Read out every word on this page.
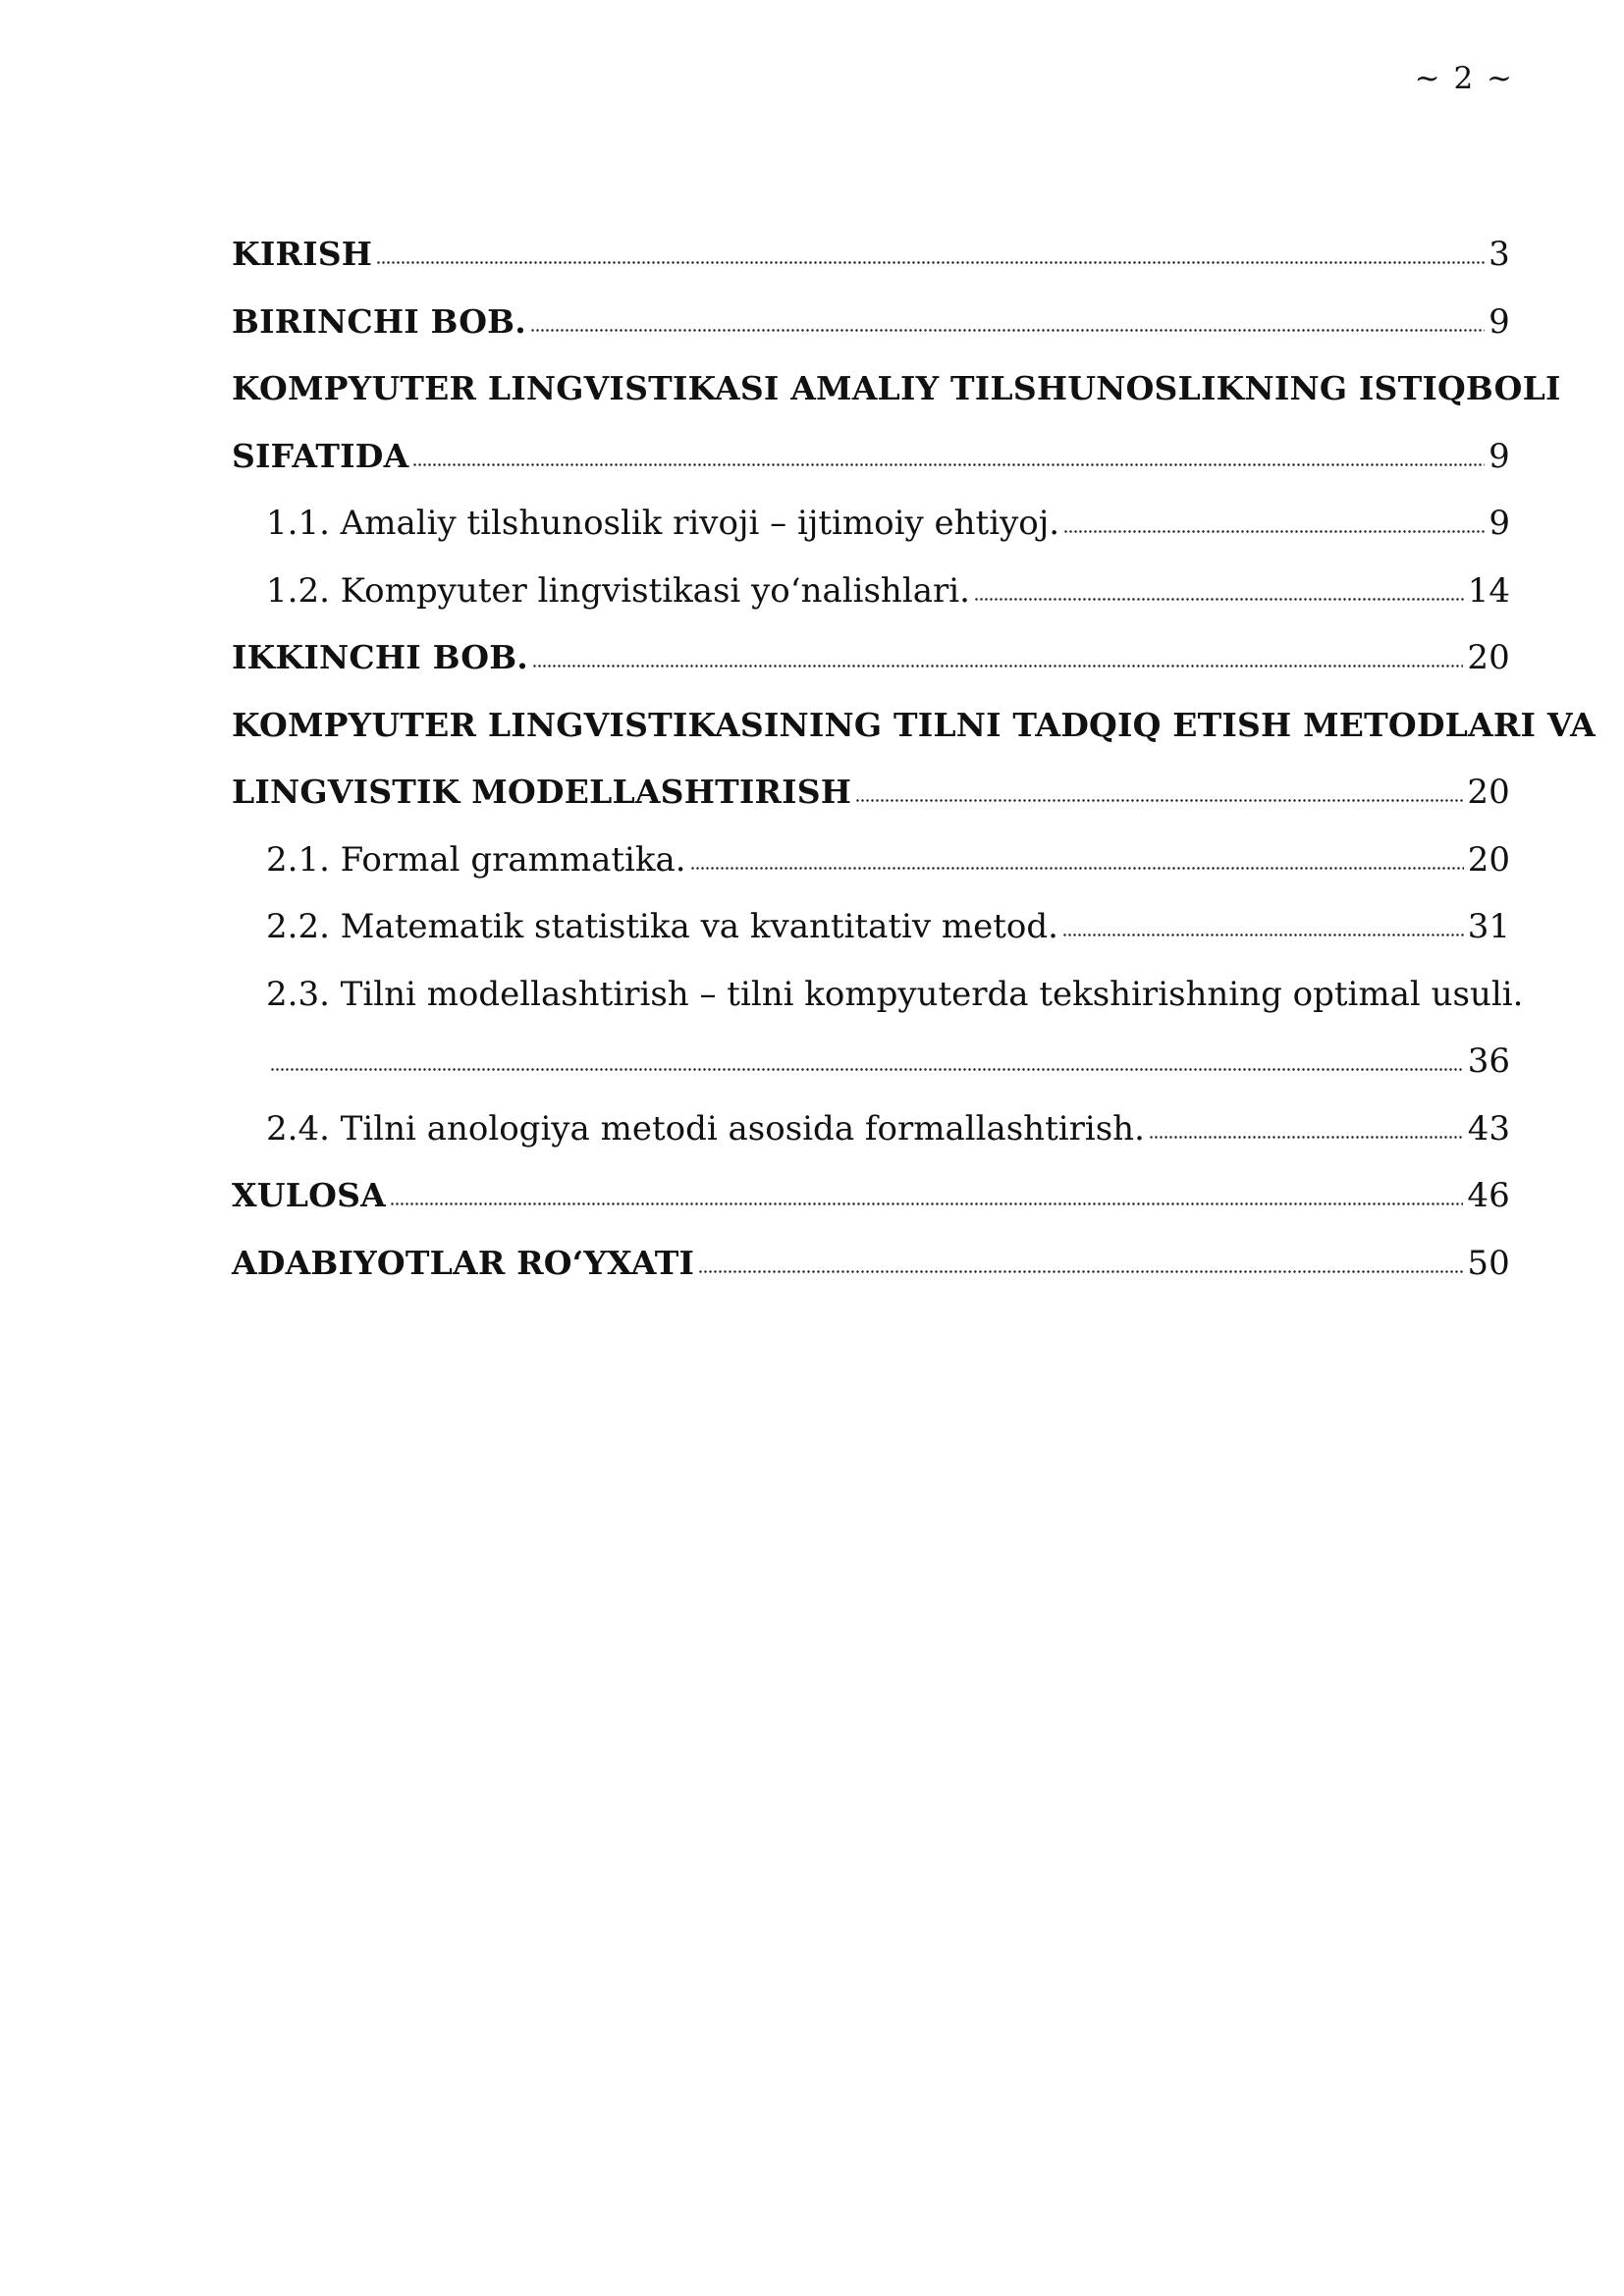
~ 2 ~
KIRISH	3
BIRINCHI BOB.	9
KOMPYUTER LINGVISTIKASI AMALIY TILSHUNOSLIKNING ISTIQBOLI
SIFATIDA	9
1.1. Amaliy tilshunoslik rivoji – ijtimoiy ehtiyoj.	9
1.2. Kompyuter lingvistikasi yo‘nalishlari.	14
IKKINCHI BOB.	20
KOMPYUTER LINGVISTIKASINING TILNI TADQIQ ETISH METODLARI VA
LINGVISTIK MODELLASHTIRISH	20
2.1. Formal grammatika.	20
2.2. Matematik statistika va kvantitativ metod.	31
2.3. Tilni modellashtirish – tilni kompyuterda tekshirishning optimal usuli.
36
2.4. Tilni anologiya metodi asosida formallashtirish.	43
XULOSA	46
ADABIYOTLAR RO‘YXATI	50
